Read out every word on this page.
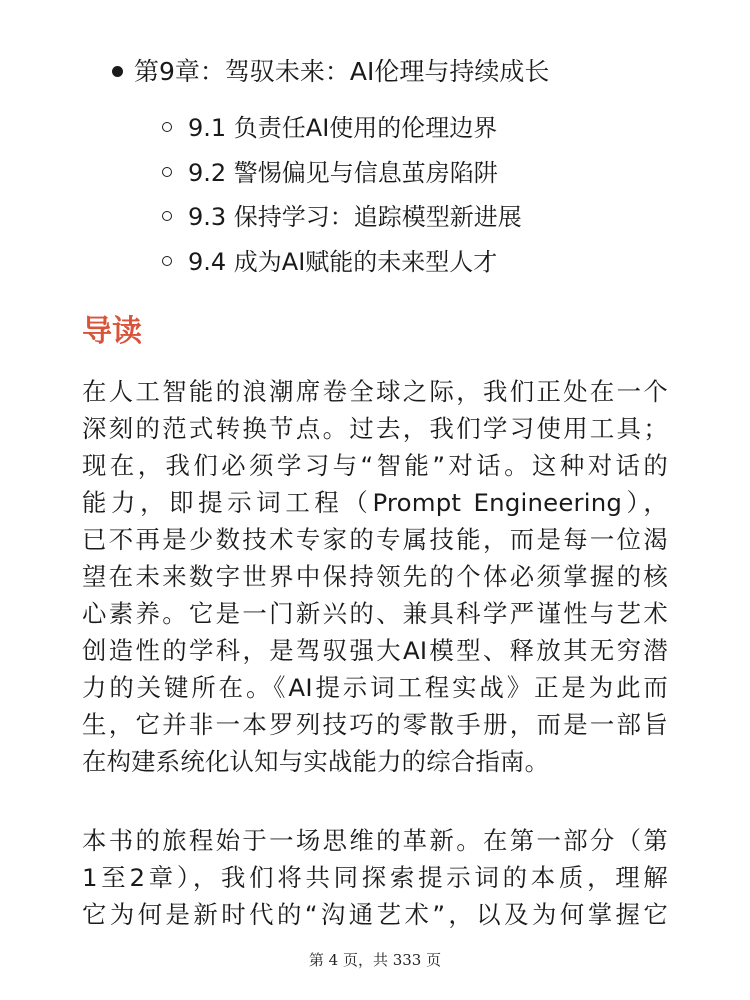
第9章：驾驭未来：AI伦理与持续成长
9.1 负责任AI使用的伦理边界
9.2 警惕偏见与信息茧房陷阱
9.3 保持学习：追踪模型新进展
9.4 成为AI赋能的未来型人才
导读
在人工智能的浪潮席卷全球之际，我们正处在一个
深刻的范式转换节点。过去，我们学习使用工具；
现在，我们必须学习与“智能”对话。这种对话的
能力，即提示词工程（Prompt Engineering），
已不再是少数技术专家的专属技能，而是每一位渴
望在未来数字世界中保持领先的个体必须掌握的核
心素养。它是一门新兴的、兼具科学严谨性与艺术
创造性的学科，是驾驭强大AI模型、释放其无穷潜
力的关键所在。《AI提示词工程实战》正是为此而
生，它并非一本罗列技巧的零散手册，而是一部旨
在构建系统化认知与实战能力的综合指南。
本书的旅程始于一场思维的革新。在第一部分（第
1至2章），我们将共同探索提示词的本质，理解
它为何是新时代的“沟通艺术”，以及为何掌握它
第 4 页，共 333 页
